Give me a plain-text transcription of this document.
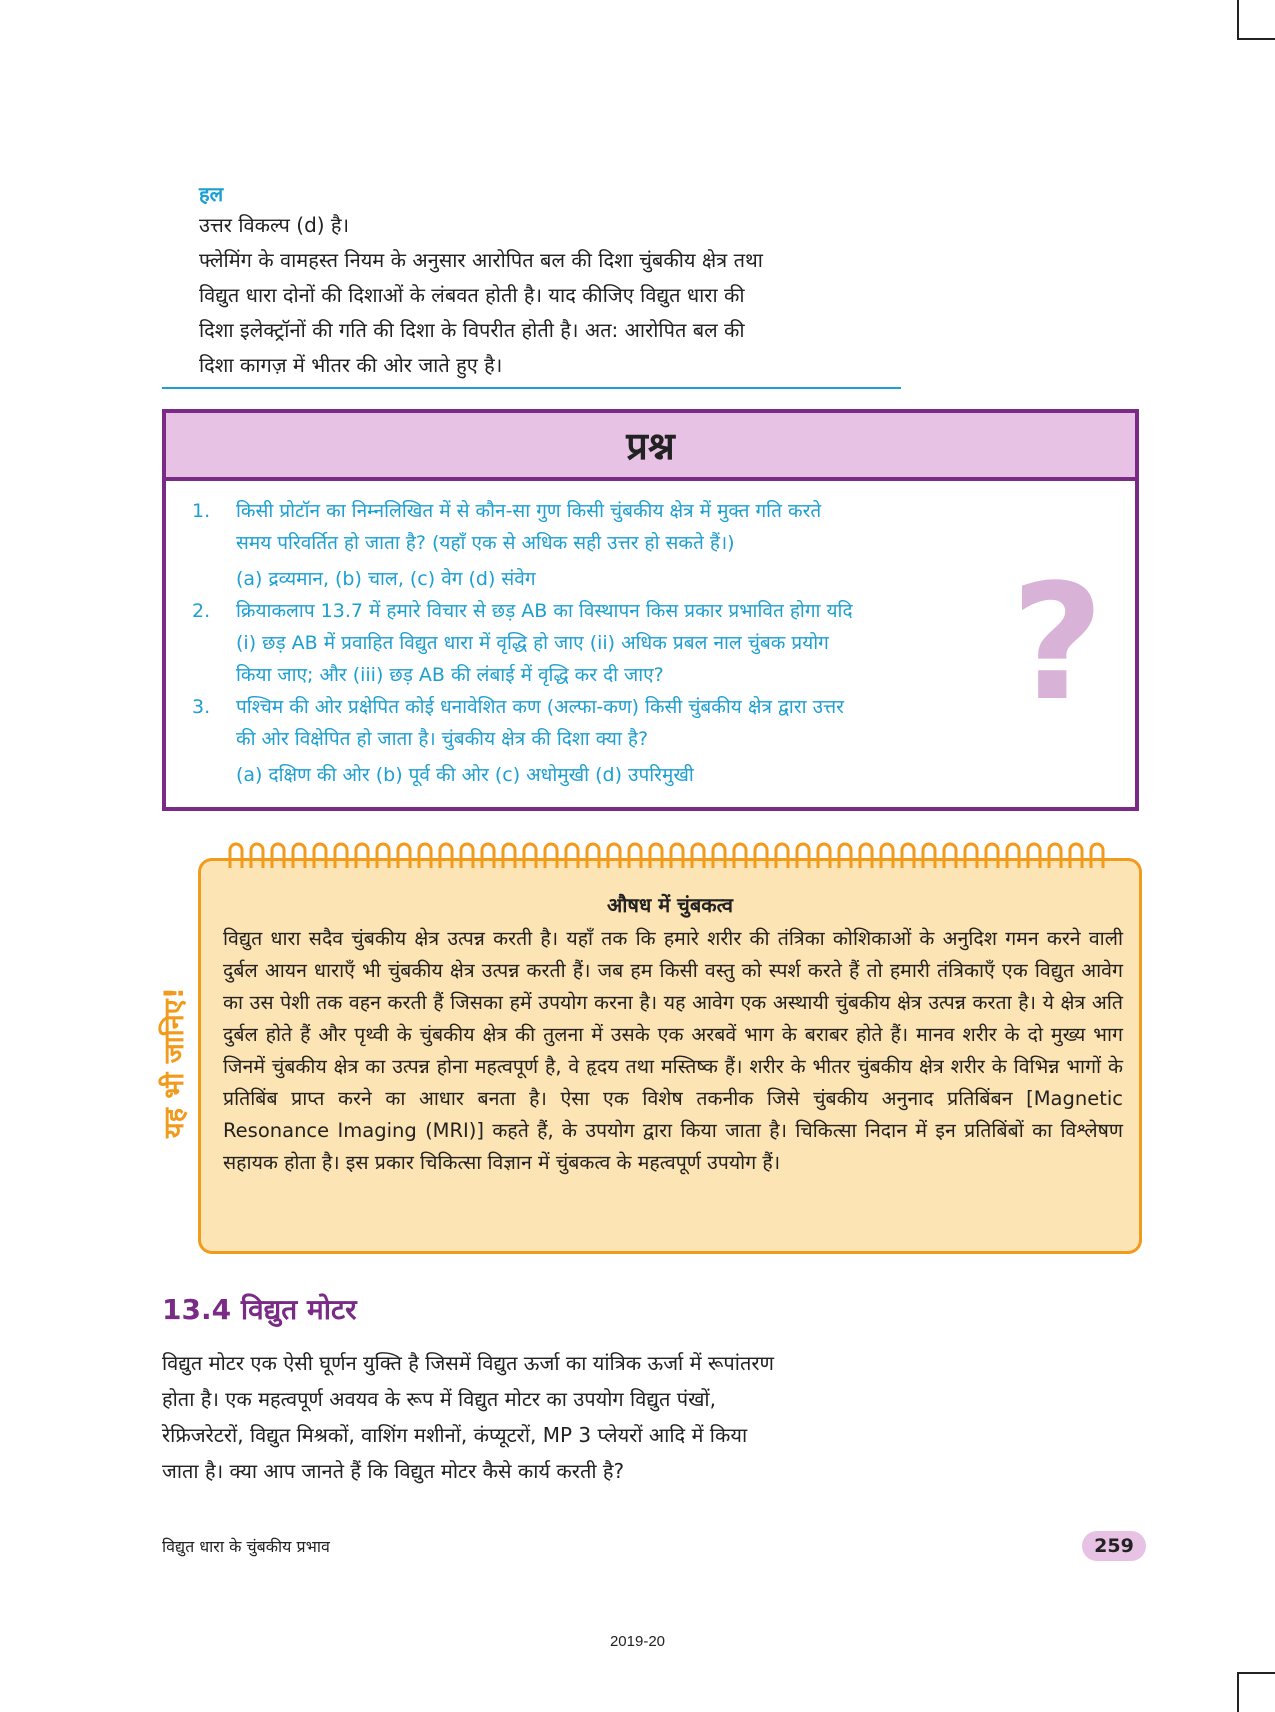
हल
उत्तर विकल्प (d) है।
फ्लेमिंग के वामहस्त नियम के अनुसार आरोपित बल की दिशा चुंबकीय क्षेत्र तथा
विद्युत धारा दोनों की दिशाओं के लंबवत होती है। याद कीजिए विद्युत धारा की
दिशा इलेक्ट्रॉनों की गति की दिशा के विपरीत होती है। अत: आरोपित बल की
दिशा कागज़ में भीतर की ओर जाते हुए है।
प्रश्न
1. किसी प्रोटॉन का निम्नलिखित में से कौन-सा गुण किसी चुंबकीय क्षेत्र में मुक्त गति करते
समय परिवर्तित हो जाता है? (यहाँ एक से अधिक सही उत्तर हो सकते हैं।)
(a) द्रव्यमान, (b) चाल, (c) वेग (d) संवेग
2. क्रियाकलाप 13.7 में हमारे विचार से छड़ AB का विस्थापन किस प्रकार प्रभावित होगा यदि
(i) छड़ AB में प्रवाहित विद्युत धारा में वृद्धि हो जाए (ii) अधिक प्रबल नाल चुंबक प्रयोग
किया जाए; और (iii) छड़ AB की लंबाई में वृद्धि कर दी जाए?
3. पश्चिम की ओर प्रक्षेपित कोई धनावेशित कण (अल्फा-कण) किसी चुंबकीय क्षेत्र द्वारा उत्तर
की ओर विक्षेपित हो जाता है। चुंबकीय क्षेत्र की दिशा क्या है?
(a) दक्षिण की ओर (b) पूर्व की ओर (c) अधोमुखी (d) उपरिमुखी
?
यह भी जानिए!
औषध में चुंबकत्व
विद्युत धारा सदैव चुंबकीय क्षेत्र उत्पन्न करती है। यहाँ तक कि हमारे शरीर की तंत्रिका कोशिकाओं के अनुदिश गमन करने वाली दुर्बल आयन धाराएँ भी चुंबकीय क्षेत्र उत्पन्न करती हैं। जब हम किसी वस्तु को स्पर्श करते हैं तो हमारी तंत्रिकाएँ एक विद्युत आवेग का उस पेशी तक वहन करती हैं जिसका हमें उपयोग करना है। यह आवेग एक अस्थायी चुंबकीय क्षेत्र उत्पन्न करता है। ये क्षेत्र अति दुर्बल होते हैं और पृथ्वी के चुंबकीय क्षेत्र की तुलना में उसके एक अरबवें भाग के बराबर होते हैं। मानव शरीर के दो मुख्य भाग जिनमें चुंबकीय क्षेत्र का उत्पन्न होना महत्वपूर्ण है, वे हृदय तथा मस्तिष्क हैं। शरीर के भीतर चुंबकीय क्षेत्र शरीर के विभिन्न भागों के प्रतिबिंब प्राप्त करने का आधार बनता है। ऐसा एक विशेष तकनीक जिसे चुंबकीय अनुनाद प्रतिबिंबन [Magnetic Resonance Imaging (MRI)] कहते हैं, के उपयोग द्वारा किया जाता है। चिकित्सा निदान में इन प्रतिबिंबों का विश्लेषण सहायक होता है। इस प्रकार चिकित्सा विज्ञान में चुंबकत्व के महत्वपूर्ण उपयोग हैं।
13.4 विद्युत मोटर
विद्युत मोटर एक ऐसी घूर्णन युक्ति है जिसमें विद्युत ऊर्जा का यांत्रिक ऊर्जा में रूपांतरण
होता है। एक महत्वपूर्ण अवयव के रूप में विद्युत मोटर का उपयोग विद्युत पंखों,
रेफ्रिजरेटरों, विद्युत मिश्रकों, वाशिंग मशीनों, कंप्यूटरों, MP 3 प्लेयरों आदि में किया
जाता है। क्या आप जानते हैं कि विद्युत मोटर कैसे कार्य करती है?
विद्युत धारा के चुंबकीय प्रभाव	259
2019-20
